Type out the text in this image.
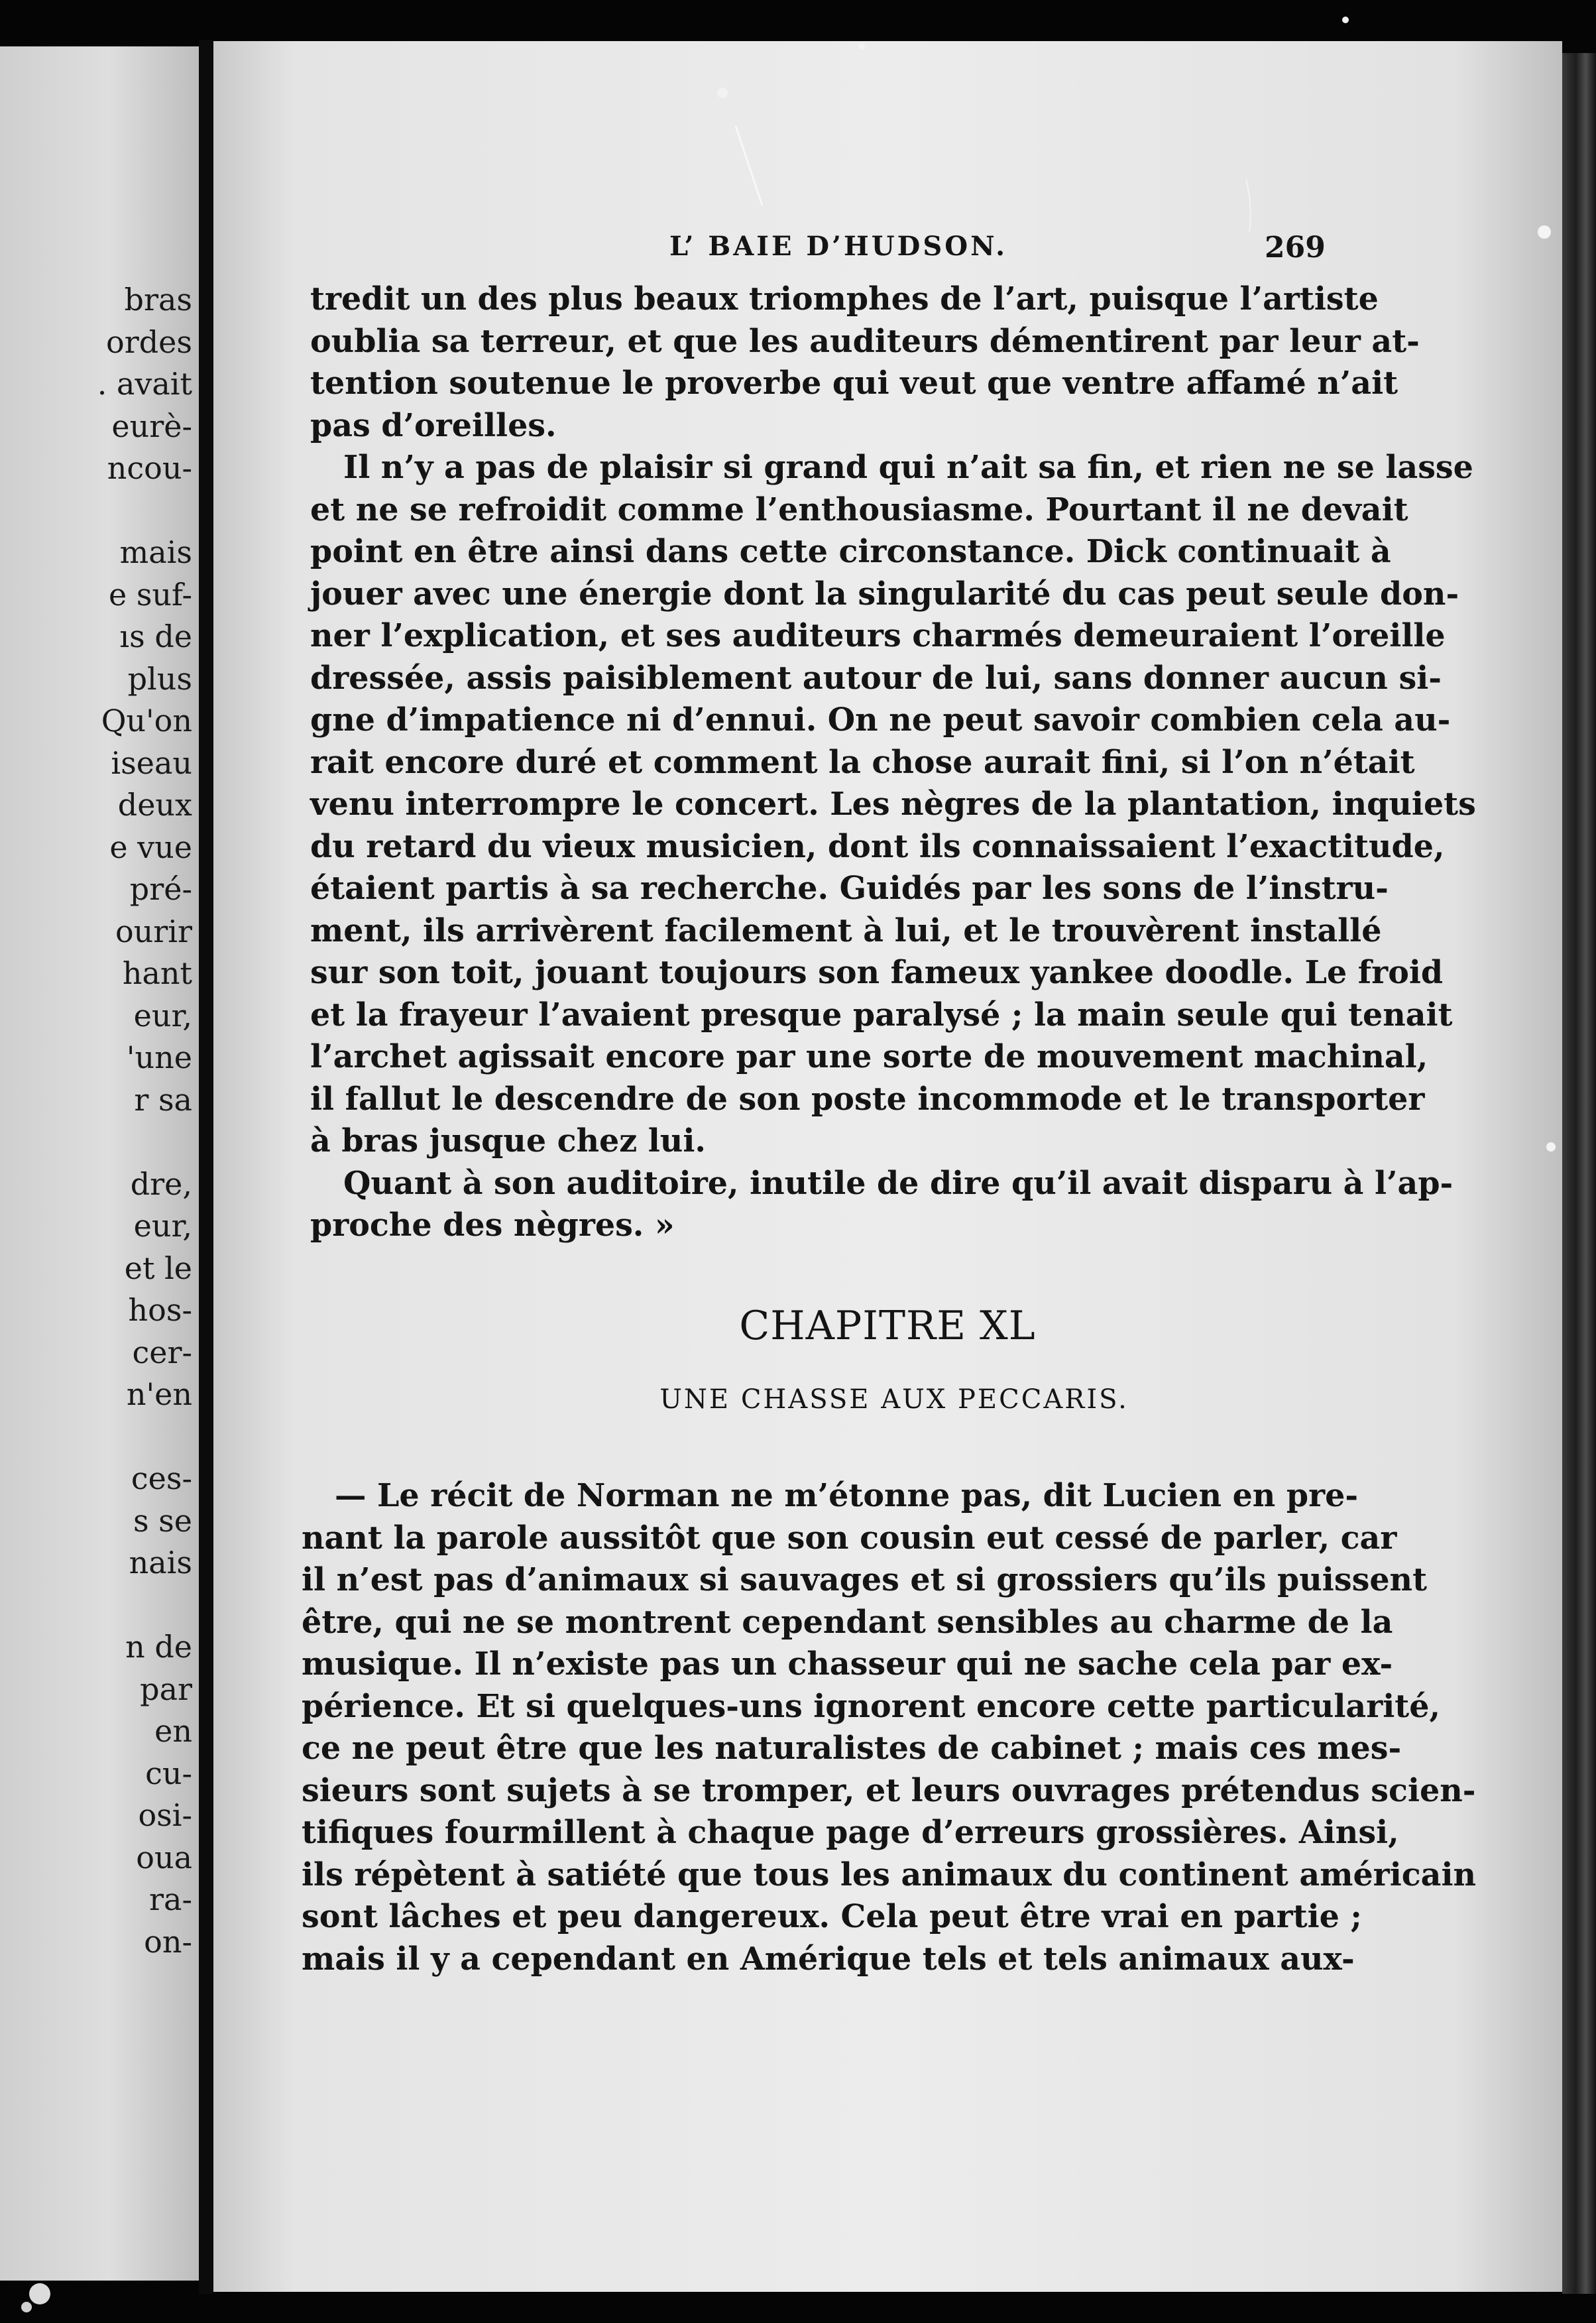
bras
ordes
. avait
eurè-
ncou-
mais
e suf-
ıs de
plus
Qu'on
iseau
deux
e vue
pré-
ourir
hant
eur,
'une
r sa
dre,
eur,
et le
hos-
cer-
n'en
ces-
s se
nais
n de
par
en
cu-
osi-
oua
ra-
on-
L’ BAIE D’HUDSON.	269
tredit un des plus beaux triomphes de l’art, puisque l’artiste
oublia sa terreur, et que les auditeurs démentirent par leur at-
tention soutenue le proverbe qui veut que ventre affamé n’ait
pas d’oreilles.
Il n’y a pas de plaisir si grand qui n’ait sa fin, et rien ne se lasse
et ne se refroidit comme l’enthousiasme. Pourtant il ne devait
point en être ainsi dans cette circonstance. Dick continuait à
jouer avec une énergie dont la singularité du cas peut seule don-
ner l’explication, et ses auditeurs charmés demeuraient l’oreille
dressée, assis paisiblement autour de lui, sans donner aucun si-
gne d’impatience ni d’ennui. On ne peut savoir combien cela au-
rait encore duré et comment la chose aurait fini, si l’on n’était
venu interrompre le concert. Les nègres de la plantation, inquiets
du retard du vieux musicien, dont ils connaissaient l’exactitude,
étaient partis à sa recherche. Guidés par les sons de l’instru-
ment, ils arrivèrent facilement à lui, et le trouvèrent installé
sur son toit, jouant toujours son fameux yankee doodle. Le froid
et la frayeur l’avaient presque paralysé ; la main seule qui tenait
l’archet agissait encore par une sorte de mouvement machinal,
il fallut le descendre de son poste incommode et le transporter
à bras jusque chez lui.
Quant à son auditoire, inutile de dire qu’il avait disparu à l’ap-
proche des nègres. »
CHAPITRE XL
UNE CHASSE AUX PECCARIS.
— Le récit de Norman ne m’étonne pas, dit Lucien en pre-
nant la parole aussitôt que son cousin eut cessé de parler, car
il n’est pas d’animaux si sauvages et si grossiers qu’ils puissent
être, qui ne se montrent cependant sensibles au charme de la
musique. Il n’existe pas un chasseur qui ne sache cela par ex-
périence. Et si quelques-uns ignorent encore cette particularité,
ce ne peut être que les naturalistes de cabinet ; mais ces mes-
sieurs sont sujets à se tromper, et leurs ouvrages prétendus scien-
tifiques fourmillent à chaque page d’erreurs grossières. Ainsi,
ils répètent à satiété que tous les animaux du continent américain
sont lâches et peu dangereux. Cela peut être vrai en partie ;
mais il y a cependant en Amérique tels et tels animaux aux-
